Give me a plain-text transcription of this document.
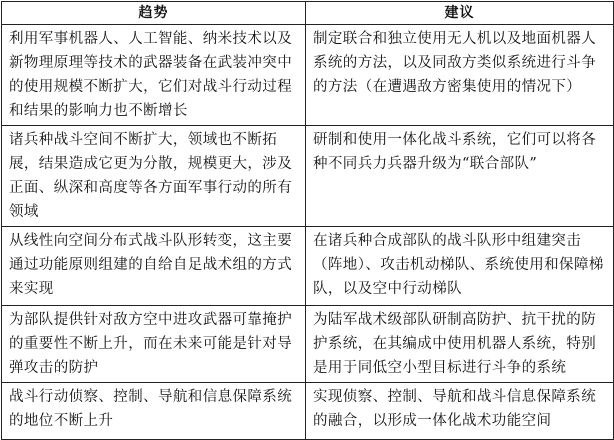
趋势	建议
利用军事机器人、人工智能、纳米技术以及新物理原理等技术的武器装备在武装冲突中的使用规模不断扩大，它们对战斗行动过程和结果的影响力也不断增长	制定联合和独立使用无人机以及地面机器人系统的方法，以及同敌方类似系统进行斗争的方法（在遭遇敌方密集使用的情况下）
诸兵种战斗空间不断扩大，领域也不断拓展，结果造成它更为分散，规模更大，涉及正面、纵深和高度等各方面军事行动的所有领域	研制和使用一体化战斗系统，它们可以将各种不同兵力兵器升级为“联合部队”
从线性向空间分布式战斗队形转变，这主要通过功能原则组建的自给自足战术组的方式来实现	在诸兵种合成部队的战斗队形中组建突击（阵地）、攻击机动梯队、系统使用和保障梯队，以及空中行动梯队
为部队提供针对敌方空中进攻武器可靠掩护的重要性不断上升，而在未来可能是针对导弹攻击的防护	为陆军战术级部队研制高防护、抗干扰的防护系统，在其编成中使用机器人系统，特别是用于同低空小型目标进行斗争的系统
战斗行动侦察、控制、导航和信息保障系统的地位不断上升	实现侦察、控制、导航和战斗信息保障系统的融合，以形成一体化战术功能空间
